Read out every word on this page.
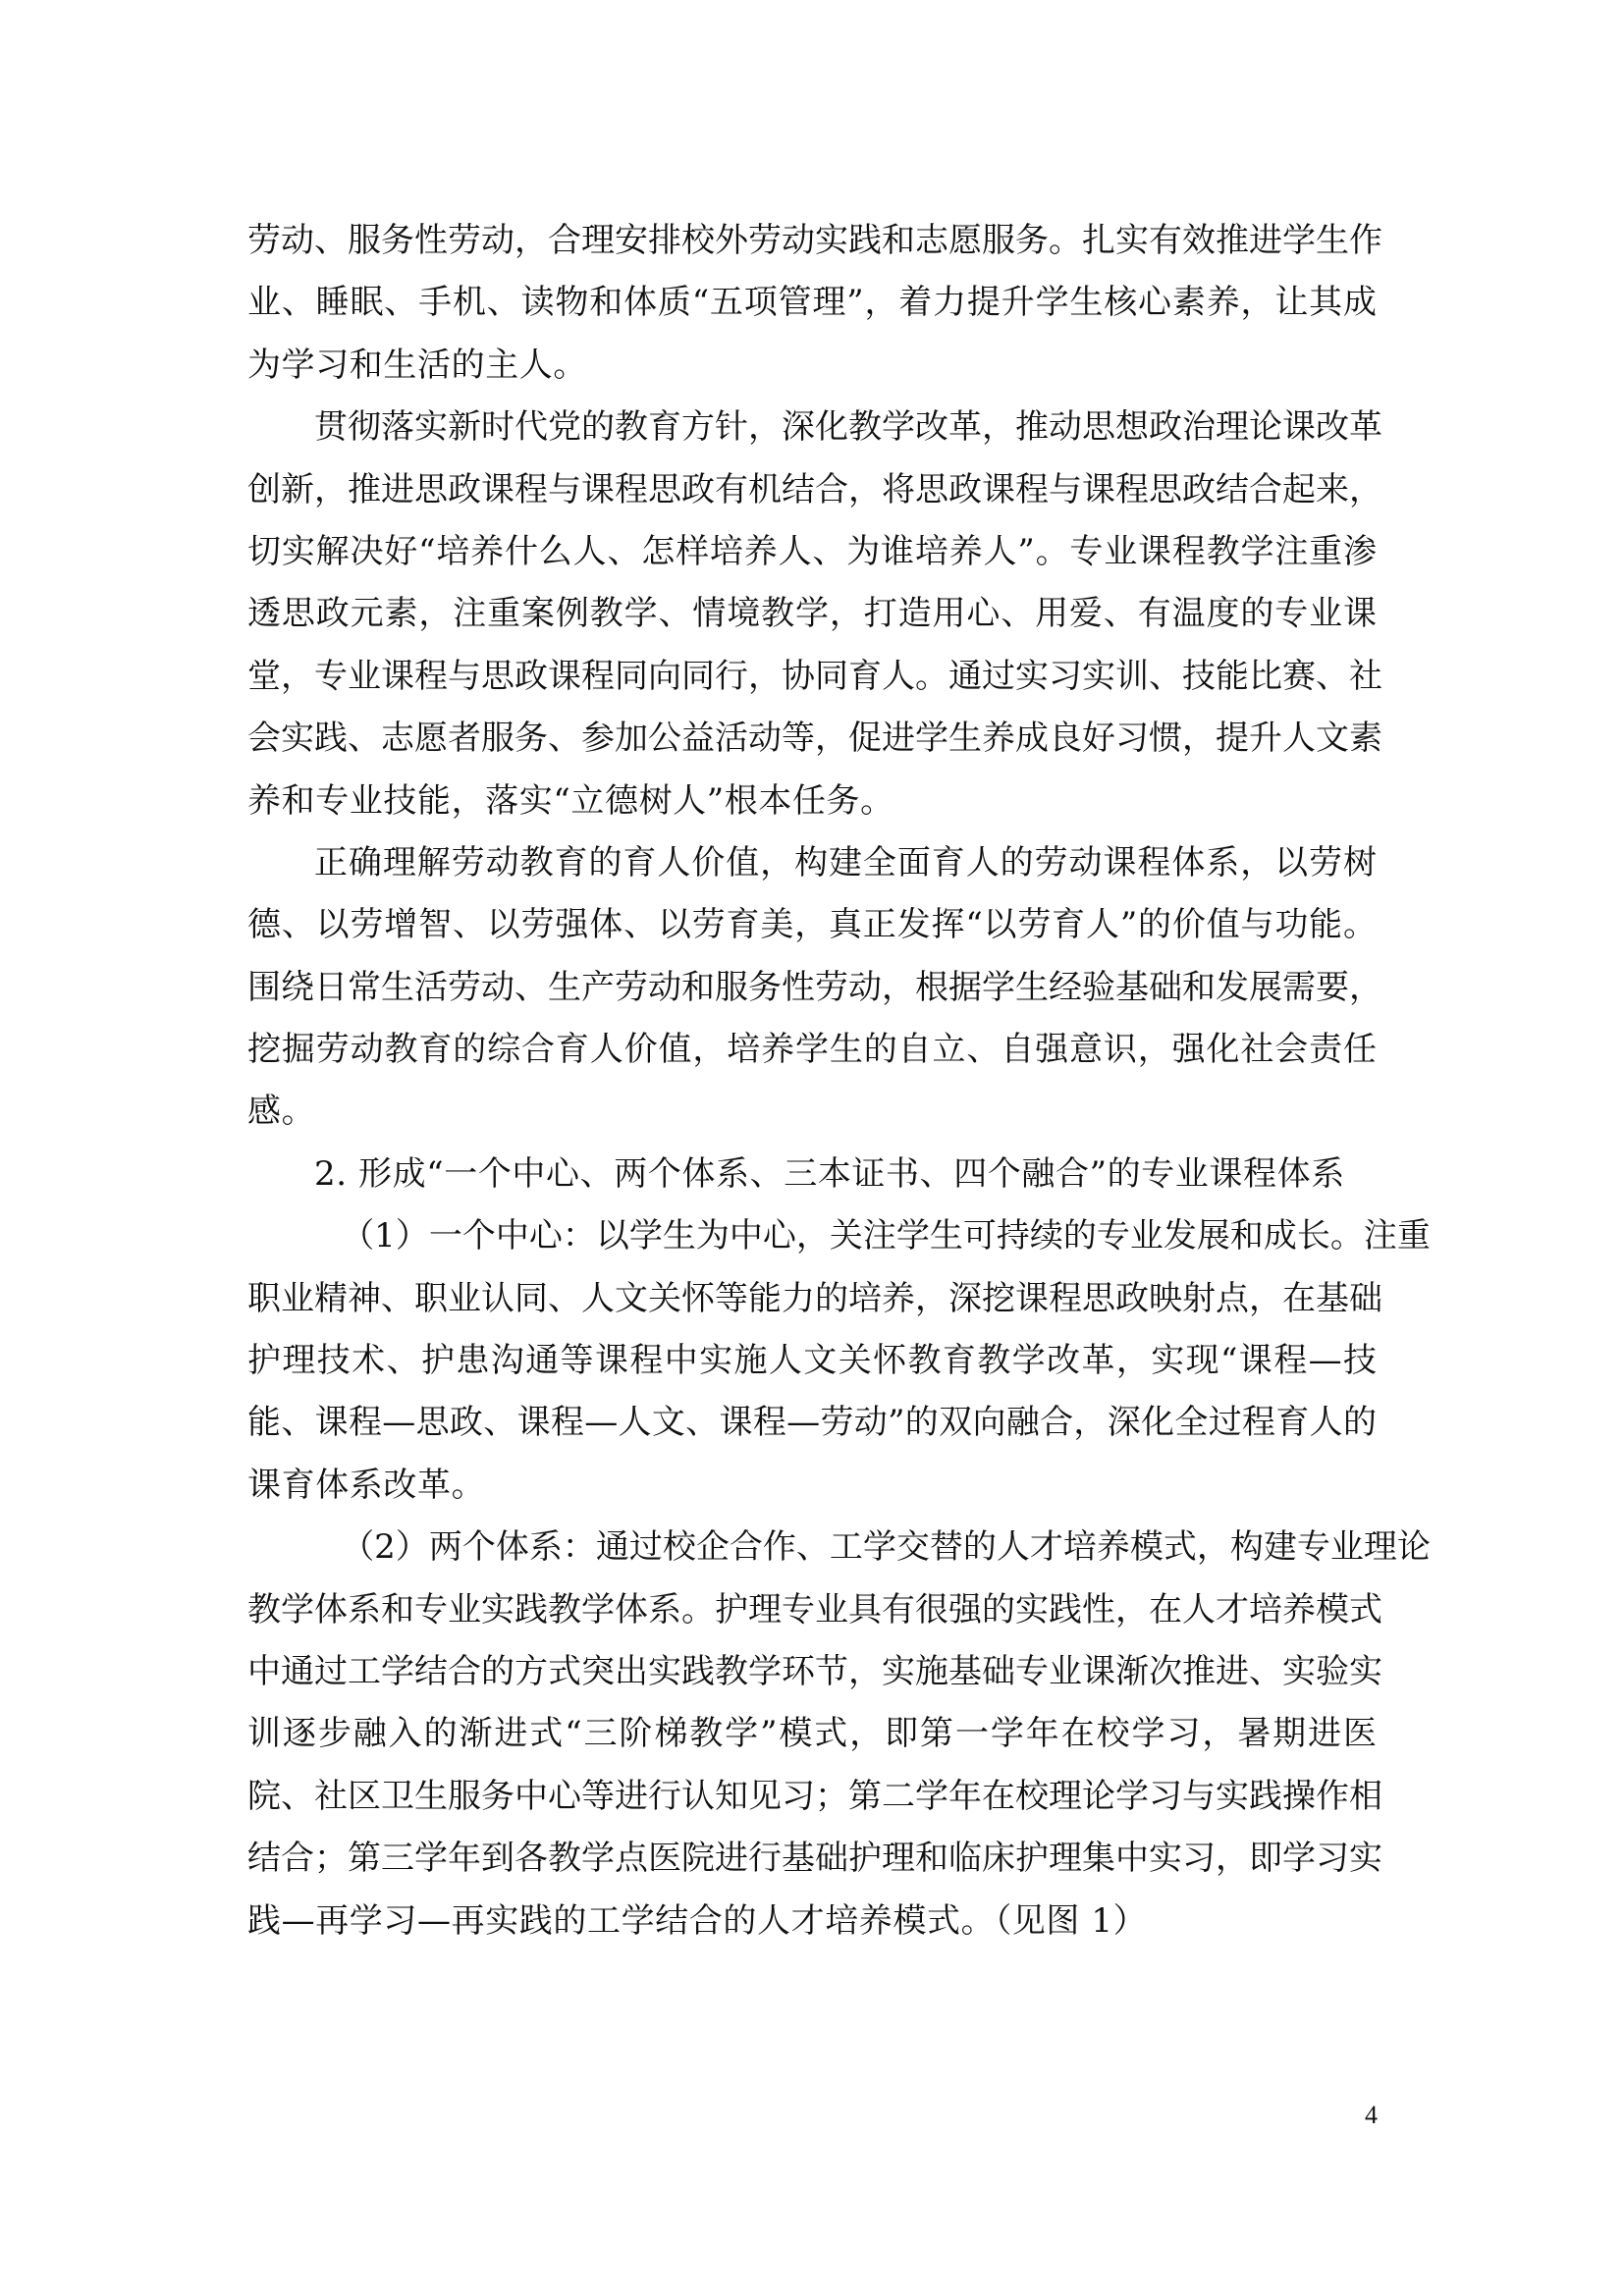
劳动、服务性劳动，合理安排校外劳动实践和志愿服务。扎实有效推进学生作
业、睡眠、手机、读物和体质“五项管理”，着力提升学生核心素养，让其成
为学习和生活的主人。
贯彻落实新时代党的教育方针，深化教学改革，推动思想政治理论课改革
创新，推进思政课程与课程思政有机结合，将思政课程与课程思政结合起来，
切实解决好“培养什么人、怎样培养人、为谁培养人”。专业课程教学注重渗
透思政元素，注重案例教学、情境教学，打造用心、用爱、有温度的专业课
堂，专业课程与思政课程同向同行，协同育人。通过实习实训、技能比赛、社
会实践、志愿者服务、参加公益活动等，促进学生养成良好习惯，提升人文素
养和专业技能，落实“立德树人”根本任务。
正确理解劳动教育的育人价值，构建全面育人的劳动课程体系，以劳树
德、以劳增智、以劳强体、以劳育美，真正发挥“以劳育人”的价值与功能。
围绕日常生活劳动、生产劳动和服务性劳动，根据学生经验基础和发展需要，
挖掘劳动教育的综合育人价值，培养学生的自立、自强意识，强化社会责任
感。
2. 形成“一个中心、两个体系、三本证书、四个融合”的专业课程体系
（1）一个中心：以学生为中心，关注学生可持续的专业发展和成长。注重
职业精神、职业认同、人文关怀等能力的培养，深挖课程思政映射点，在基础
护理技术、护患沟通等课程中实施人文关怀教育教学改革，实现“课程—技
能、课程—思政、课程—人文、课程—劳动”的双向融合，深化全过程育人的
课育体系改革。
（2）两个体系：通过校企合作、工学交替的人才培养模式，构建专业理论
教学体系和专业实践教学体系。护理专业具有很强的实践性，在人才培养模式
中通过工学结合的方式突出实践教学环节，实施基础专业课渐次推进、实验实
训逐步融入的渐进式“三阶梯教学”模式，即第一学年在校学习，暑期进医
院、社区卫生服务中心等进行认知见习；第二学年在校理论学习与实践操作相
结合；第三学年到各教学点医院进行基础护理和临床护理集中实习，即学习实
践—再学习—再实践的工学结合的人才培养模式。（见图 1）
4
